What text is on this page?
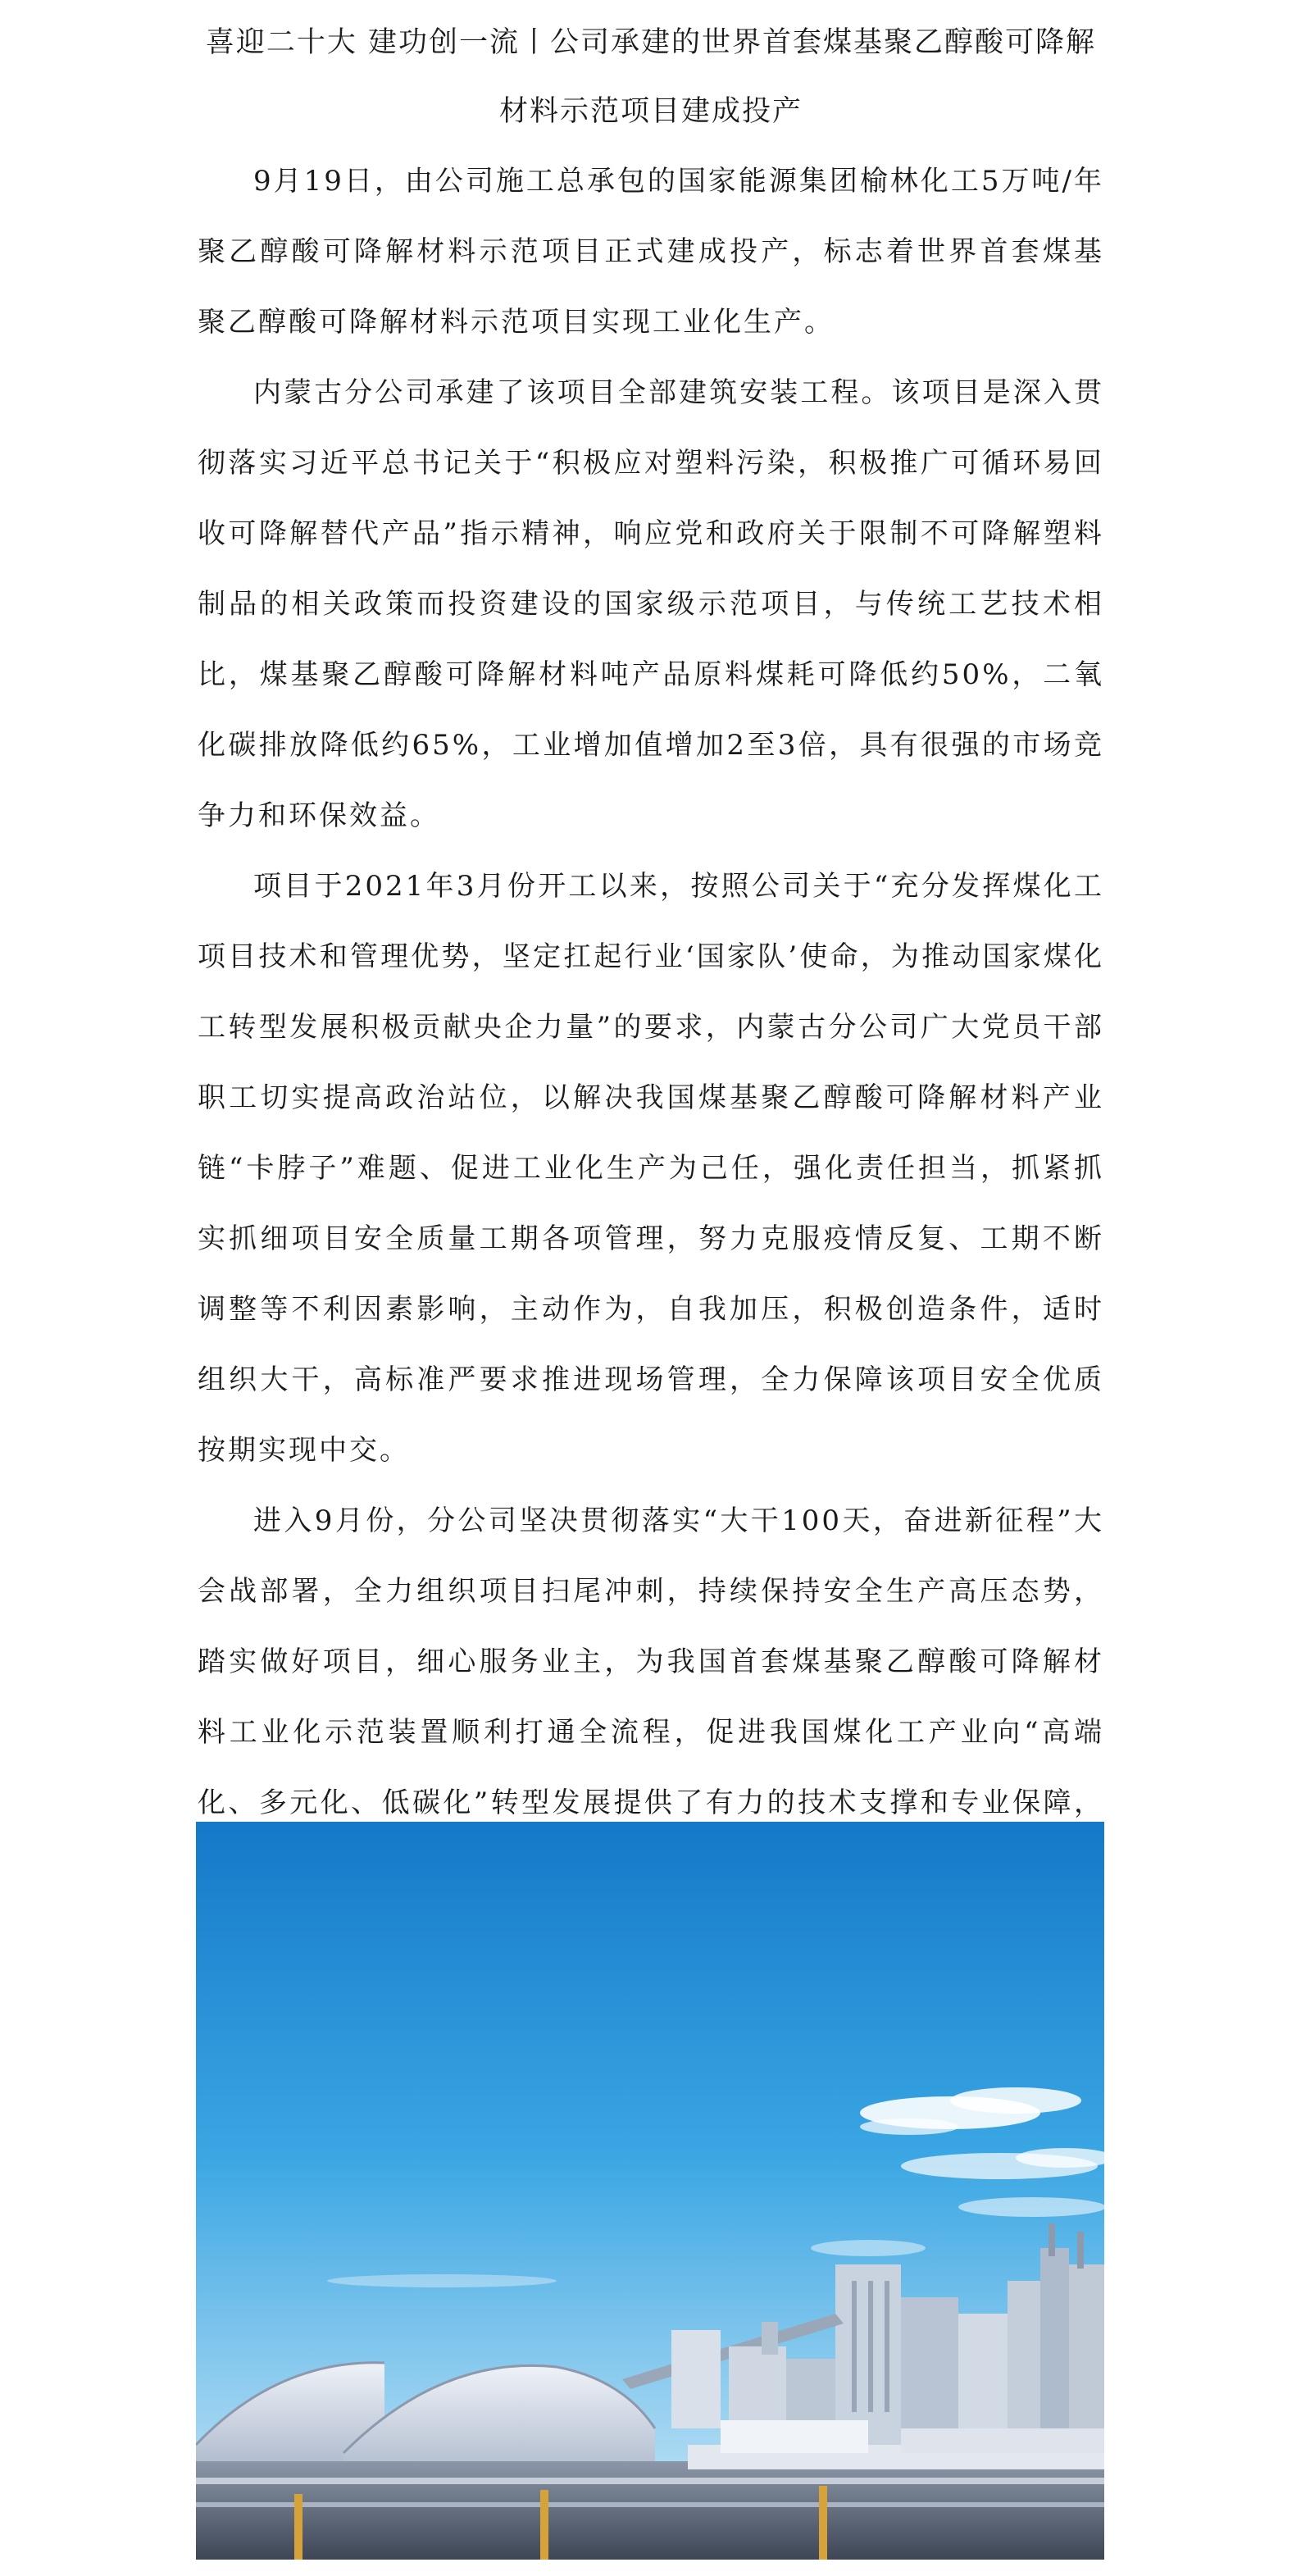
喜迎二十大 建功创一流丨公司承建的世界首套煤基聚乙醇酸可降解材料示范项目建成投产

9月19日，由公司施工总承包的国家能源集团榆林化工5万吨/年聚乙醇酸可降解材料示范项目正式建成投产，标志着世界首套煤基聚乙醇酸可降解材料示范项目实现工业化生产。

内蒙古分公司承建了该项目全部建筑安装工程。该项目是深入贯彻落实习近平总书记关于“积极应对塑料污染，积极推广可循环易回收可降解替代产品”指示精神，响应党和政府关于限制不可降解塑料制品的相关政策而投资建设的国家级示范项目，与传统工艺技术相比，煤基聚乙醇酸可降解材料吨产品原料煤耗可降低约50%，二氧化碳排放降低约65%，工业增加值增加2至3倍，具有很强的市场竞争力和环保效益。

项目于2021年3月份开工以来，按照公司关于“充分发挥煤化工项目技术和管理优势，坚定扛起行业‘国家队’使命，为推动国家煤化工转型发展积极贡献央企力量”的要求，内蒙古分公司广大党员干部职工切实提高政治站位，以解决我国煤基聚乙醇酸可降解材料产业链“卡脖子”难题、促进工业化生产为己任，强化责任担当，抓紧抓实抓细项目安全质量工期各项管理，努力克服疫情反复、工期不断调整等不利因素影响，主动作为，自我加压，积极创造条件，适时组织大干，高标准严要求推进现场管理，全力保障该项目安全优质按期实现中交。

进入9月份，分公司坚决贯彻落实“大干100天，奋进新征程”大会战部署，全力组织项目扫尾冲刺，持续保持安全生产高压态势，踏实做好项目，细心服务业主，为我国首套煤基聚乙醇酸可降解材料工业化示范装置顺利打通全流程，促进我国煤化工产业向“高端化、多元化、低碳化”转型发展提供了有力的技术支撑和专业保障，
